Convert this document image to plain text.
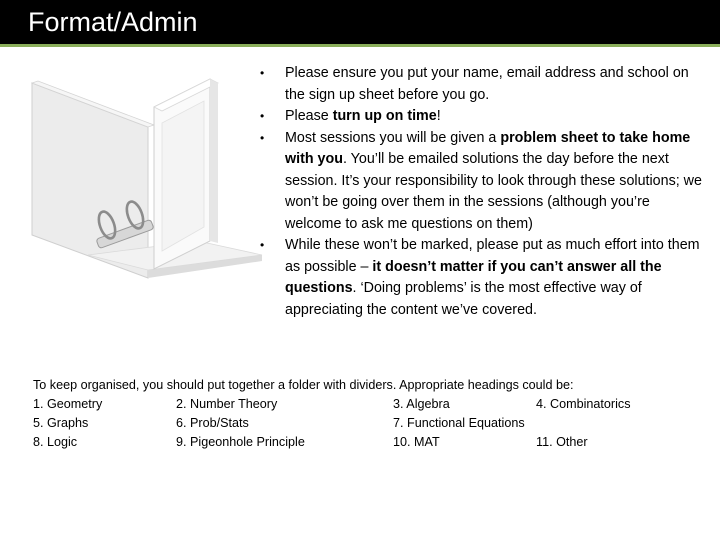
Format/Admin
• Please ensure you put your name, email address and school on the sign up sheet before you go.
• Please turn up on time!
• Most sessions you will be given a problem sheet to take home with you. You’ll be emailed solutions the day before the next session. It’s your responsibility to look through these solutions; we won’t be going over them in the sessions (although you’re welcome to ask me questions on them)
• While these won’t be marked, please put as much effort into them as possible – it doesn’t matter if you can’t answer all the questions. ‘Doing problems’ is the most effective way of appreciating the content we’ve covered.
To keep organised, you should put together a folder with dividers. Appropriate headings could be:
1. Geometry	2. Number Theory	3. Algebra	4. Combinatorics
5. Graphs	6. Prob/Stats	7. Functional Equations
8. Logic	9. Pigeonhole Principle	10. MAT	11. Other
